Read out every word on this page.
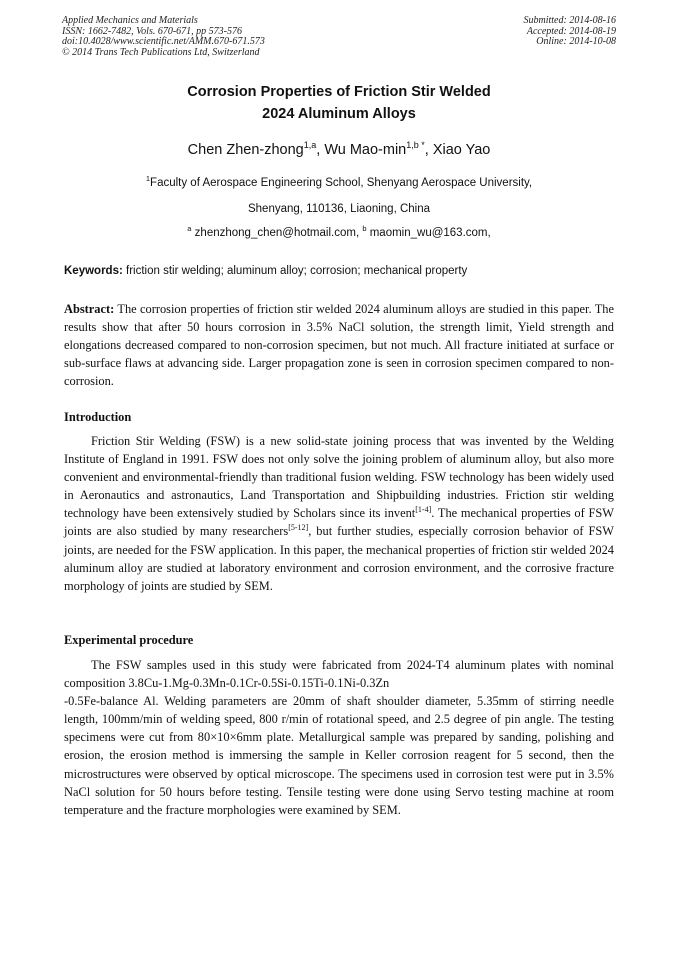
Applied Mechanics and Materials
ISSN: 1662-7482, Vols. 670-671, pp 573-576
doi:10.4028/www.scientific.net/AMM.670-671.573
© 2014 Trans Tech Publications Ltd, Switzerland
Submitted: 2014-08-16
Accepted: 2014-08-19
Online: 2014-10-08
Corrosion Properties of Friction Stir Welded
2024 Aluminum Alloys
Chen Zhen-zhong$^{1,a}$, Wu Mao-$\min^{1,b *}$, Xiao Yao
$^1$Faculty of Aerospace Engineering School, Shenyang Aerospace University,
Shenyang, 110136, Liaoning, China
$^a$ zhenzhong_chen@hotmail.com, $^b$ maomin_wu@163.com,
Keywords: friction stir welding; aluminum alloy; corrosion; mechanical property
Abstract: The corrosion properties of friction stir welded 2024 aluminum alloys are studied in this paper. The results show that after 50 hours corrosion in 3.5% NaCl solution, the strength limit, Yield strength and elongations decreased compared to non-corrosion specimen, but not much. All fracture initiated at surface or sub-surface flaws at advancing side. Larger propagation zone is seen in corrosion specimen compared to non-corrosion.
Introduction
Friction Stir Welding (FSW) is a new solid-state joining process that was invented by the Welding Institute of England in 1991. FSW does not only solve the joining problem of aluminum alloy, but also more convenient and environmental-friendly than traditional fusion welding. FSW technology has been widely used in Aeronautics and astronautics, Land Transportation and Shipbuilding industries. Friction stir welding technology have been extensively studied by Scholars since its invent[1-4]. The mechanical properties of FSW joints are also studied by many researchers[5-12], but further studies, especially corrosion behavior of FSW joints, are needed for the FSW application. In this paper, the mechanical properties of friction stir welded 2024 aluminum alloy are studied at laboratory environment and corrosion environment, and the corrosive fracture morphology of joints are studied by SEM.
Experimental procedure
The FSW samples used in this study were fabricated from 2024-T4 aluminum plates with nominal composition 3.8Cu-1.Mg-0.3Mn-0.1Cr-0.5Si-0.15Ti-0.1Ni-0.3Zn
-0.5Fe-balance Al. Welding parameters are 20mm of shaft shoulder diameter, 5.35mm of stirring needle length, 100mm/min of welding speed, 800 r/min of rotational speed, and 2.5 degree of pin angle. The testing specimens were cut from 80×10×6mm plate. Metallurgical sample was prepared by sanding, polishing and erosion, the erosion method is immersing the sample in Keller corrosion reagent for 5 second, then the microstructures were observed by optical microscope. The specimens used in corrosion test were put in 3.5% NaCl solution for 50 hours before testing. Tensile testing were done using Servo testing machine at room temperature and the fracture morphologies were examined by SEM.
